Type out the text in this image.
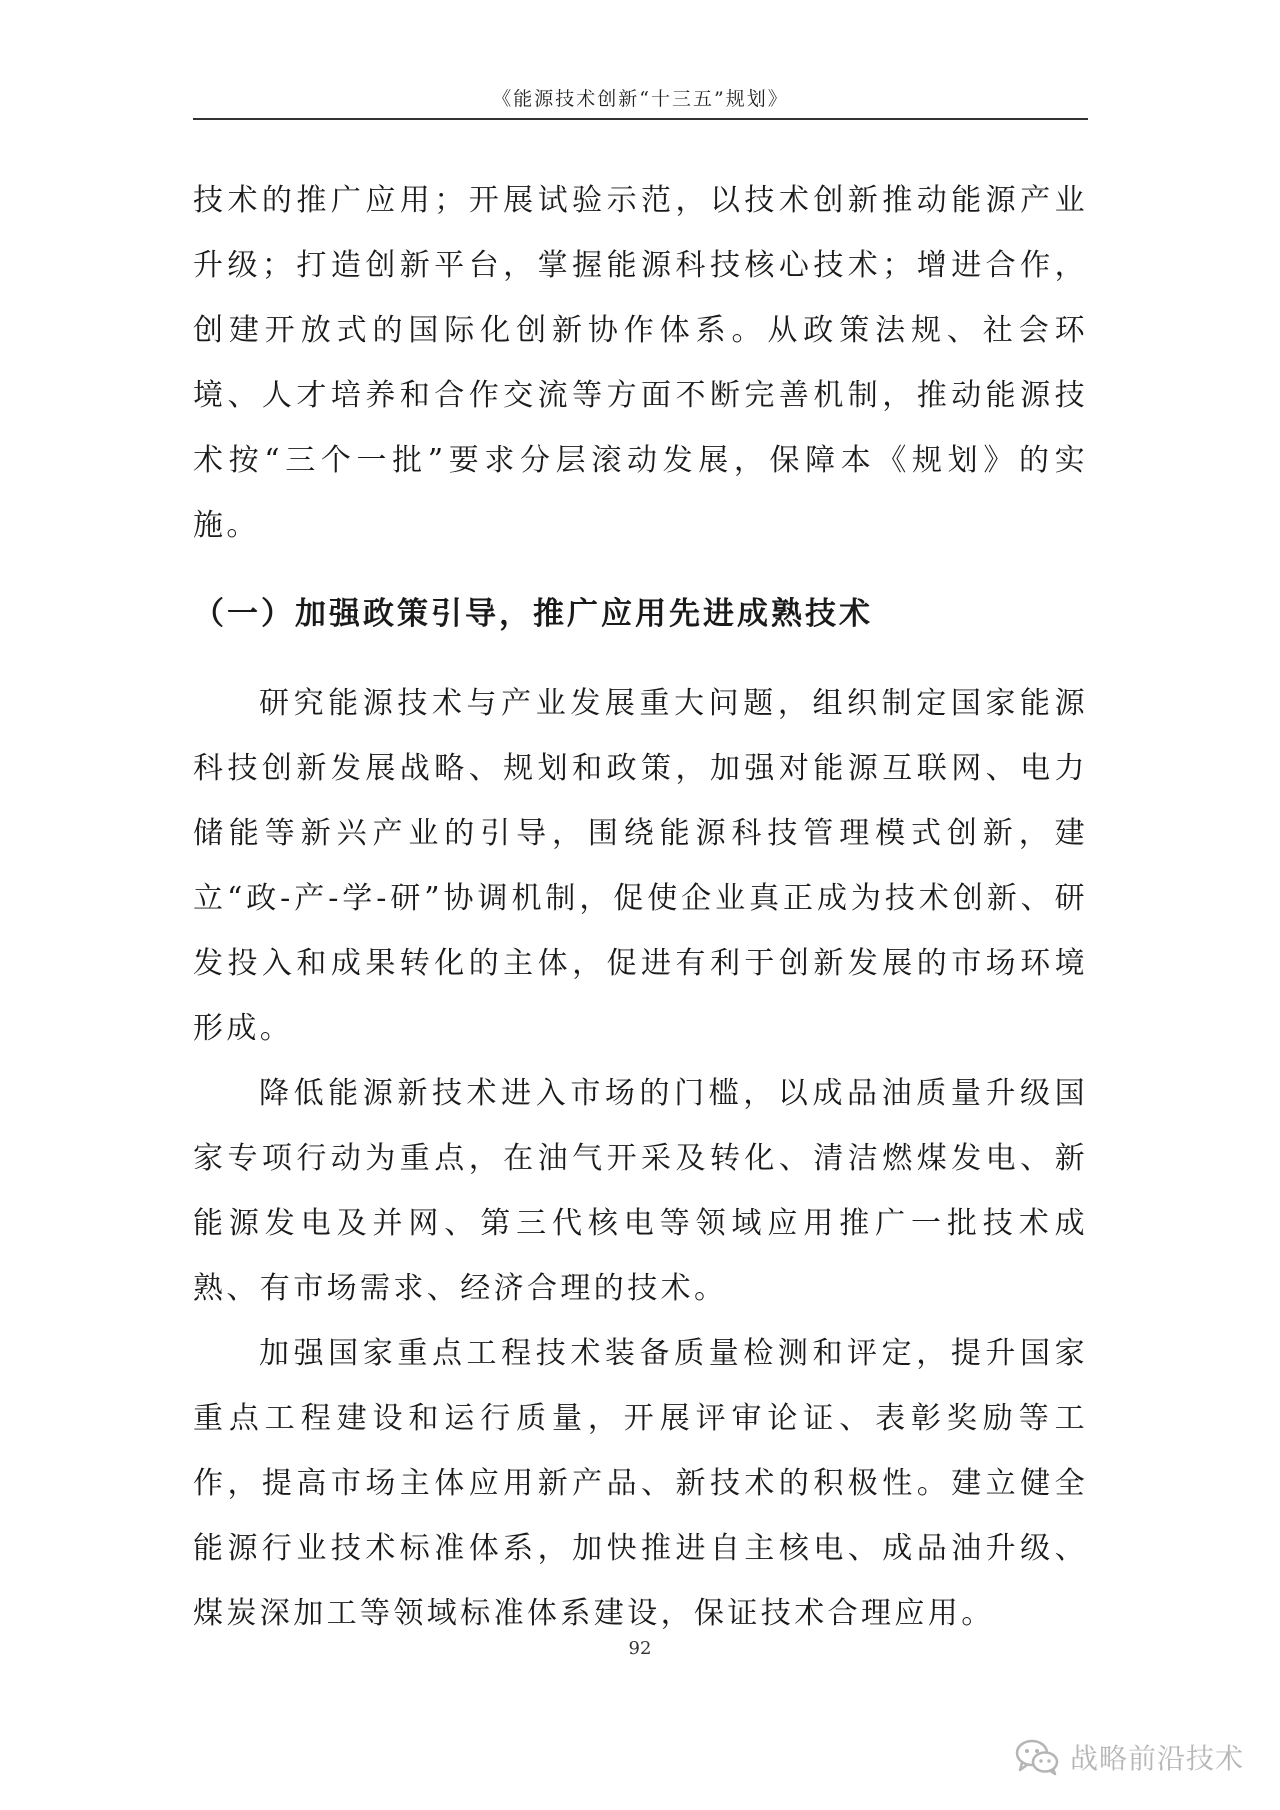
《能源技术创新“十三五”规划》

技术的推广应用；开展试验示范，以技术创新推动能源产业升级；打造创新平台，掌握能源科技核心技术；增进合作，创建开放式的国际化创新协作体系。从政策法规、社会环境、人才培养和合作交流等方面不断完善机制，推动能源技术按“三个一批”要求分层滚动发展，保障本《规划》的实施。

（一）加强政策引导，推广应用先进成熟技术

研究能源技术与产业发展重大问题，组织制定国家能源科技创新发展战略、规划和政策，加强对能源互联网、电力储能等新兴产业的引导，围绕能源科技管理模式创新，建立“政-产-学-研”协调机制，促使企业真正成为技术创新、研发投入和成果转化的主体，促进有利于创新发展的市场环境形成。

降低能源新技术进入市场的门槛，以成品油质量升级国家专项行动为重点，在油气开采及转化、清洁燃煤发电、新能源发电及并网、第三代核电等领域应用推广一批技术成熟、有市场需求、经济合理的技术。

加强国家重点工程技术装备质量检测和评定，提升国家重点工程建设和运行质量，开展评审论证、表彰奖励等工作，提高市场主体应用新产品、新技术的积极性。建立健全能源行业技术标准体系，加快推进自主核电、成品油升级、煤炭深加工等领域标准体系建设，保证技术合理应用。

92
战略前沿技术
